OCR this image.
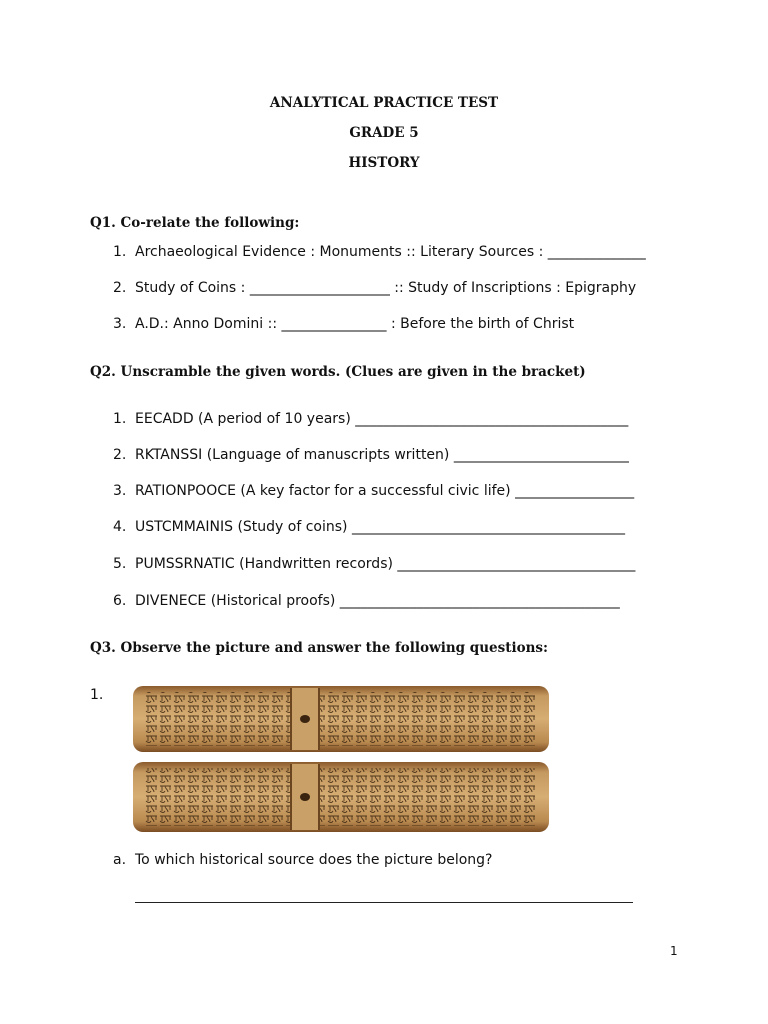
ANALYTICAL PRACTICE TEST
GRADE 5
HISTORY
Q1. Co-relate the following:
1. Archaeological Evidence : Monuments :: Literary Sources : ______________
2. Study of Coins : ____________________ :: Study of Inscriptions : Epigraphy
3. A.D.: Anno Domini :: _______________ : Before the birth of Christ
Q2. Unscramble the given words. (Clues are given in the bracket)
1. EECADD (A period of 10 years) _______________________________________
2. RKTANSSI (Language of manuscripts written) _________________________
3. RATIONPOOCE (A key factor for a successful civic life) _________________
4. USTCMMAINIS (Study of coins) _______________________________________
5. PUMSSRNATIC (Handwritten records) __________________________________
6. DIVENECE (Historical proofs) ________________________________________
Q3. Observe the picture and answer the following questions:
1.
a. To which historical source does the picture belong?
1
